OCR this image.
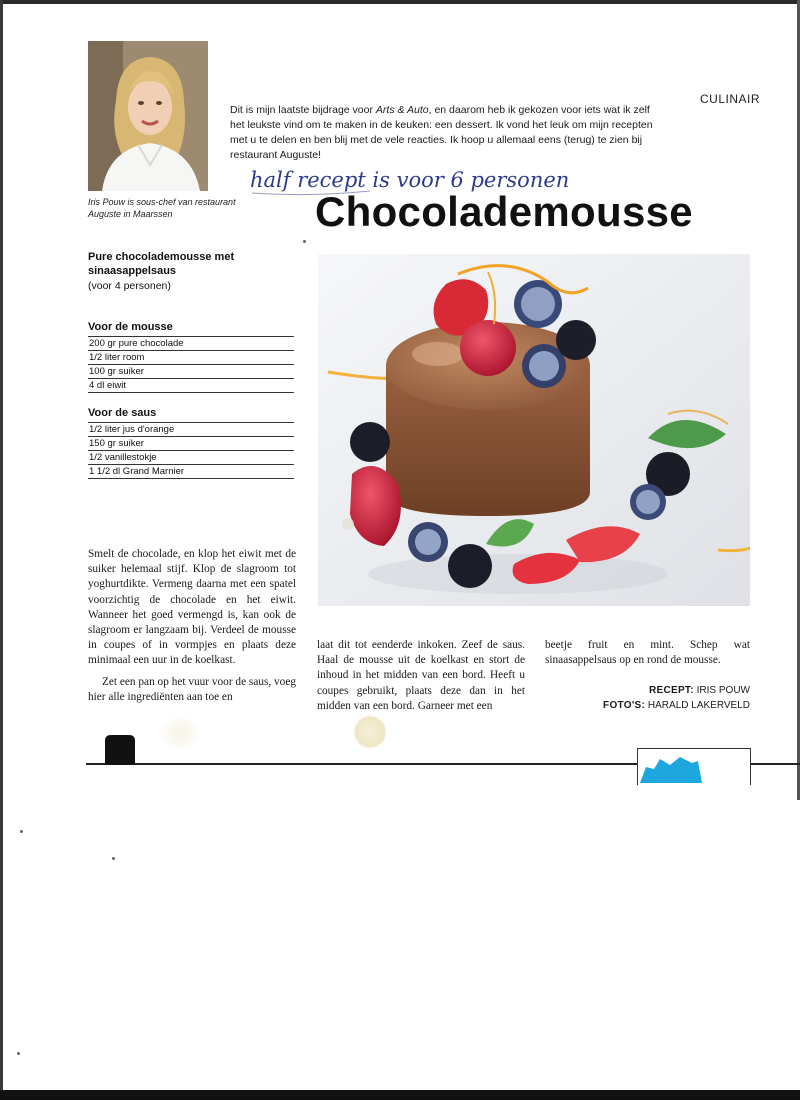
Iris Pouw is sous-chef van restaurant Auguste in Maarssen
CULINAIR
Dit is mijn laatste bijdrage voor Arts & Auto, en daarom heb ik gekozen voor iets wat ik zelf het leukste vind om te maken in de keuken: een dessert. Ik vond het leuk om mijn recepten met u te delen en ben blij met de vele reacties. Ik hoop u allemaal eens (terug) te zien bij restaurant Auguste!
half recept is voor 6 personen
Chocolademousse
Pure chocolademousse met sinaasappelsaus
(voor 4 personen)
Voor de mousse
200 gr pure chocolade
1/2 liter room
100 gr suiker
4 dl eiwit
Voor de saus
1/2 liter jus d'orange
150 gr suiker
1/2 vanillestokje
1 1/2 dl Grand Marnier

Smelt de chocolade, en klop het eiwit met de suiker helemaal stijf. Klop de slagroom tot yoghurtdikte. Vermeng daarna met een spatel voorzichtig de chocolade en het eiwit. Wanneer het goed vermengd is, kan ook de slagroom er langzaam bij. Verdeel de mousse in coupes of in vormpjes en plaats deze minimaal een uur in de koelkast.

Zet een pan op het vuur voor de saus, voeg hier alle ingrediënten aan toe en

laat dit tot eenderde inkoken. Zeef de saus. Haal de mousse uit de koelkast en stort de inhoud in het midden van een bord. Heeft u coupes gebruikt, plaats deze dan in het midden van een bord. Garneer met een

beetje fruit en mint. Schep wat sinaasappelsaus op en rond de mousse.

RECEPT: IRIS POUW
FOTO'S: HARALD LAKERVELD
